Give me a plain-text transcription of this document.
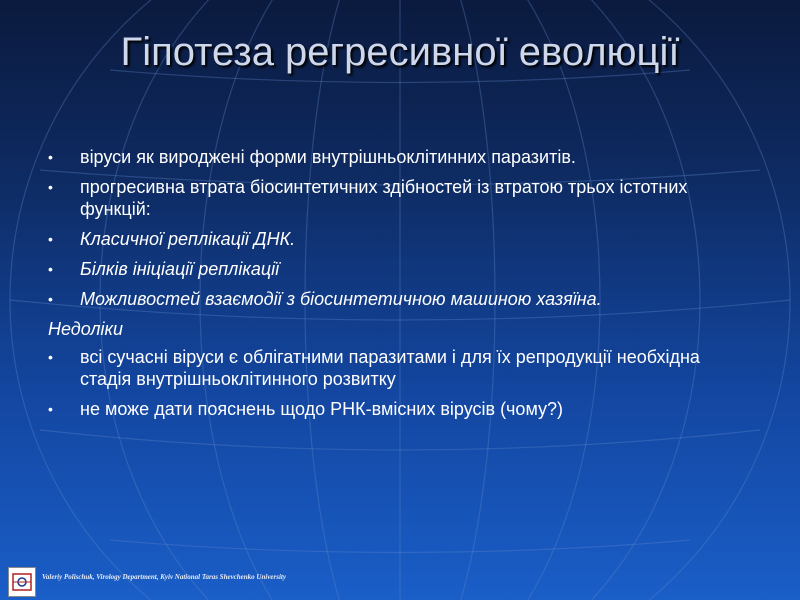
Гіпотеза регресивної еволюції
•	віруси як вироджені форми внутрішньоклітинних паразитів.
•	прогресивна втрата біосинтетичних здібностей із втратою трьох істотних функцій:
•	Класичної реплікації ДНК.
•	Білків ініціації реплікації
•	Можливостей взаємодії з біосинтетичною машиною хазяїна.
Недоліки
•	всі сучасні віруси є облігатними паразитами і для їх репродукції необхідна стадія внутрішньоклітинного розвитку
•	не може дати пояснень щодо РНК-вмісних вірусів (чому?)
Valeriy Polischuk, Virology Department, Kyiv National Taras Shevchenko University
